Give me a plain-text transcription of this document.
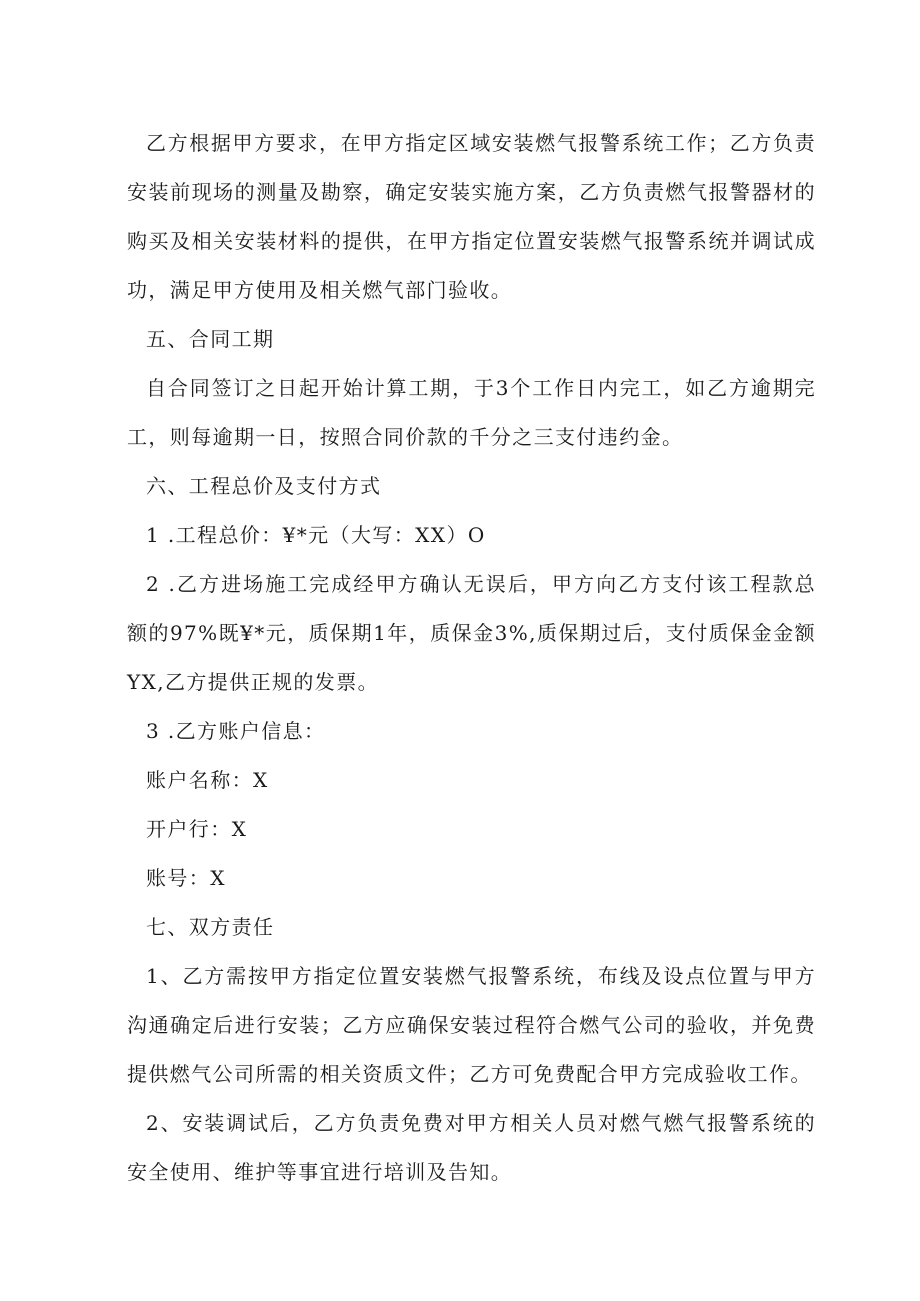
乙方根据甲方要求，在甲方指定区域安装燃气报警系统工作；乙方负责安装前现场的测量及勘察，确定安装实施方案，乙方负责燃气报警器材的购买及相关安装材料的提供，在甲方指定位置安装燃气报警系统并调试成功，满足甲方使用及相关燃气部门验收。

五、合同工期

自合同签订之日起开始计算工期，于3个工作日内完工，如乙方逾期完工，则每逾期一日，按照合同价款的千分之三支付违约金。

六、工程总价及支付方式

1 .工程总价：¥*元（大写：XX）O

2 .乙方进场施工完成经甲方确认无误后，甲方向乙方支付该工程款总额的97%既¥*元，质保期1年，质保金3%,质保期过后，支付质保金金额YX,乙方提供正规的发票。

3 .乙方账户信息：

账户名称：X

开户行：X

账号：X

七、双方责任

1、乙方需按甲方指定位置安装燃气报警系统，布线及设点位置与甲方沟通确定后进行安装；乙方应确保安装过程符合燃气公司的验收，并免费提供燃气公司所需的相关资质文件；乙方可免费配合甲方完成验收工作。

2、安装调试后，乙方负责免费对甲方相关人员对燃气燃气报警系统的安全使用、维护等事宜进行培训及告知。
